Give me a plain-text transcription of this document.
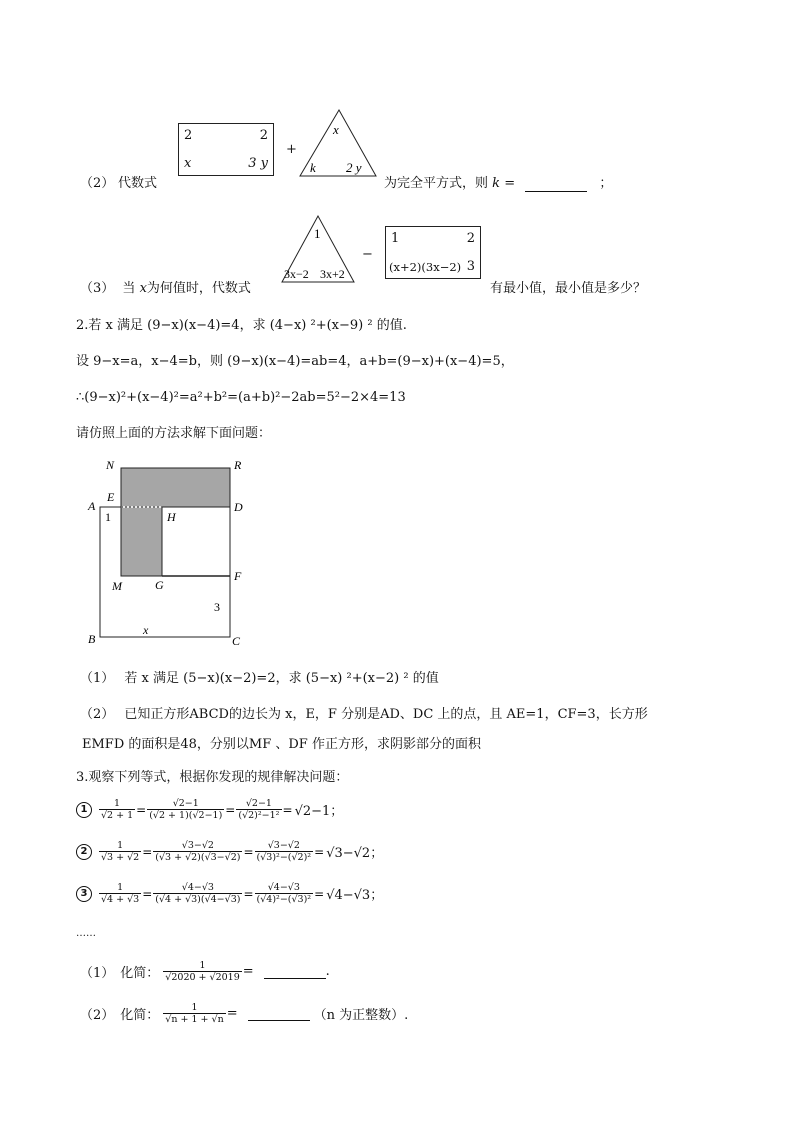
（2） 代数式
2	2
x	3 y
+
x
k 2 y
为完全平方式，则 k =	；
（3） 当 x为何值时，代数式
1
3x−2 3x+2
−
1	2
(x+2)(3x−2) 3
有最小值，最小值是多少？
2.若 x 满足 (9−x)(x−4)=4，求 (4−x) ²+(x−9) ² 的值.
设 9−x=a，x−4=b，则 (9−x)(x−4)=ab=4，a+b=(9−x)+(x−4)=5，
∴(9−x)²+(x−4)²=a²+b²=(a+b)²−2ab=5²−2×4=13
请仿照上面的方法求解下面问题：
N	R
E
A	D
1	H
F
M	G
3
B
x
C
（1） 若 x 满足 (5−x)(x−2)=2，求 (5−x) ²+(x−2) ² 的值
（2） 已知正方形ABCD的边长为 x，E，F 分别是AD、DC 上的点，且 AE=1，CF=3，长方形
EMFD 的面积是48，分别以MF 、DF 作正方形，求阴影部分的面积
3.观察下列等式，根据你发现的规律解决问题：
1	$\frac{1}{√2 + 1} = \frac{√2-1}{(√2 + 1)(√2-1)} = \frac{√2-1}{\text{(√2)²−1²}} = √2-1$；
2	$\frac{1}{√3 + √2} = \frac{√3-√2}{(√3 + √2)(√3-√2)} = \frac{√3-√2}{\text{(√3)²−(√2)²}} = √3-√2$；
3	$\frac{1}{√4 + √3} = \frac{√4-√3}{(√4 + √3)(√4-√3)} = \frac{√4-√3}{\text{(√4)²−(√3)²}} = √4-√3$；
……
（1） 化简： $\frac{1}{√2020 + √2019}$ =	.
（2） 化简： $\frac{1}{√n + 1 + √n}$ =	（n 为正整数）.
